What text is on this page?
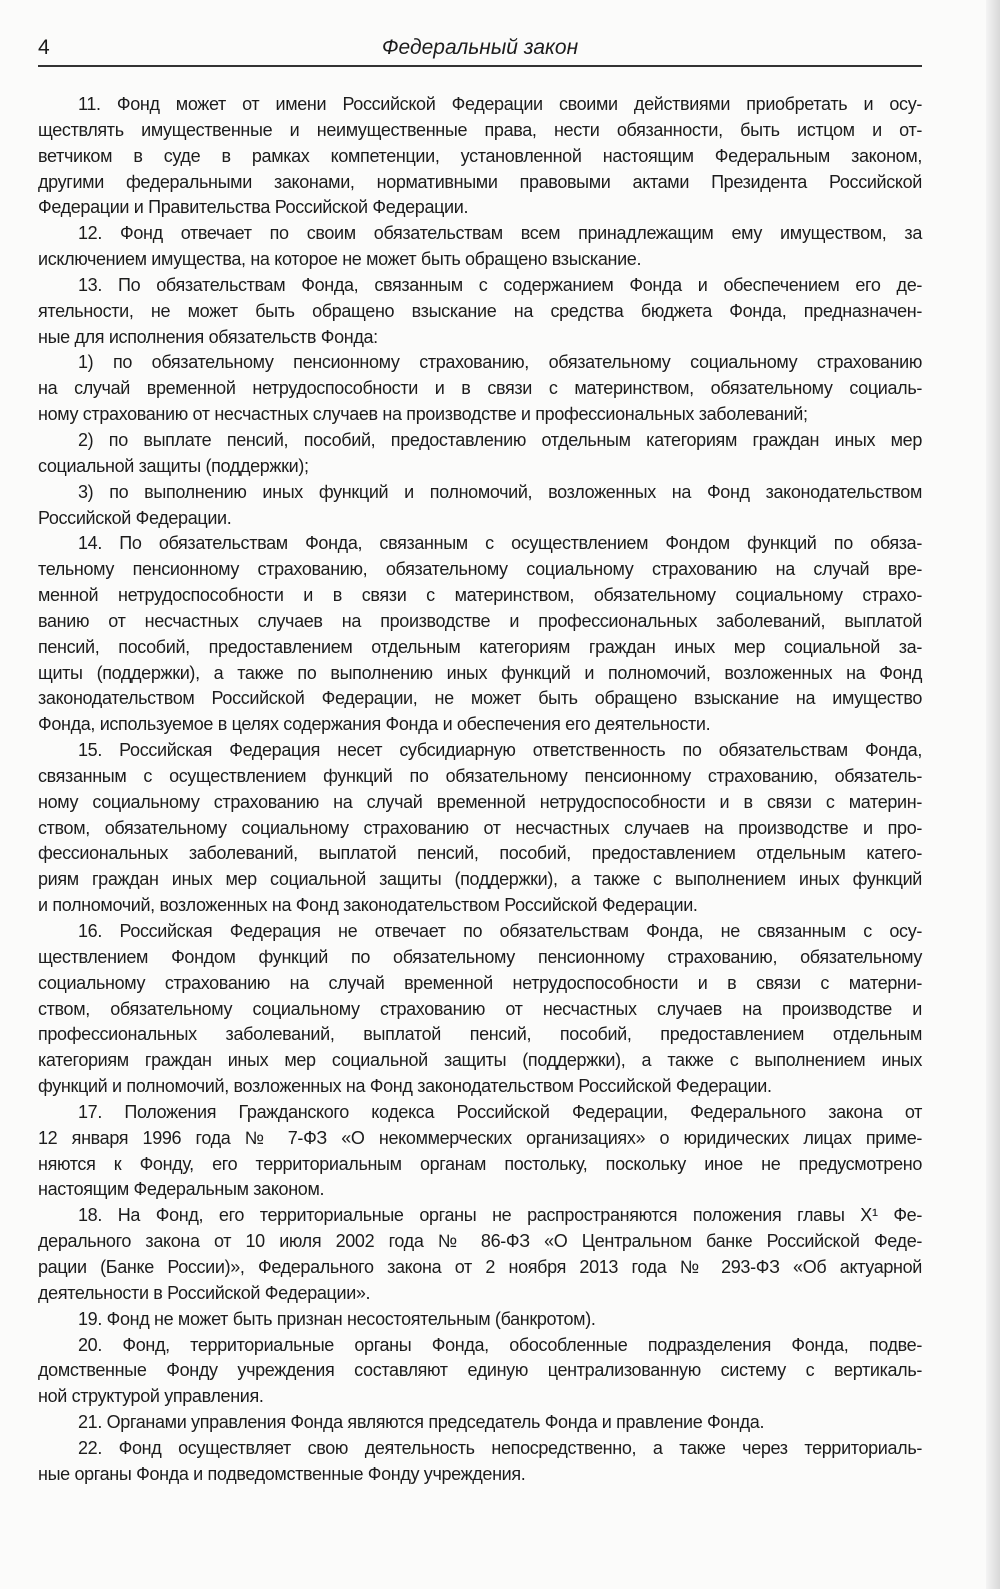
4	Федеральный закон
11. Фонд может от имени Российской Федерации своими действиями приобретать и осу-
ществлять имущественные и неимущественные права, нести обязанности, быть истцом и от-
ветчиком в суде в рамках компетенции, установленной настоящим Федеральным законом,
другими федеральными законами, нормативными правовыми актами Президента Российской
Федерации и Правительства Российской Федерации.
12. Фонд отвечает по своим обязательствам всем принадлежащим ему имуществом, за
исключением имущества, на которое не может быть обращено взыскание.
13. По обязательствам Фонда, связанным с содержанием Фонда и обеспечением его де-
ятельности, не может быть обращено взыскание на средства бюджета Фонда, предназначен-
ные для исполнения обязательств Фонда:
1) по обязательному пенсионному страхованию, обязательному социальному страхованию
на случай временной нетрудоспособности и в связи с материнством, обязательному социаль-
ному страхованию от несчастных случаев на производстве и профессиональных заболеваний;
2) по выплате пенсий, пособий, предоставлению отдельным категориям граждан иных мер
социальной защиты (поддержки);
3) по выполнению иных функций и полномочий, возложенных на Фонд законодательством
Российской Федерации.
14. По обязательствам Фонда, связанным с осуществлением Фондом функций по обяза-
тельному пенсионному страхованию, обязательному социальному страхованию на случай вре-
менной нетрудоспособности и в связи с материнством, обязательному социальному страхо-
ванию от несчастных случаев на производстве и профессиональных заболеваний, выплатой
пенсий, пособий, предоставлением отдельным категориям граждан иных мер социальной за-
щиты (поддержки), а также по выполнению иных функций и полномочий, возложенных на Фонд
законодательством Российской Федерации, не может быть обращено взыскание на имущество
Фонда, используемое в целях содержания Фонда и обеспечения его деятельности.
15. Российская Федерация несет субсидиарную ответственность по обязательствам Фонда,
связанным с осуществлением функций по обязательному пенсионному страхованию, обязатель-
ному социальному страхованию на случай временной нетрудоспособности и в связи с материн-
ством, обязательному социальному страхованию от несчастных случаев на производстве и про-
фессиональных заболеваний, выплатой пенсий, пособий, предоставлением отдельным катего-
риям граждан иных мер социальной защиты (поддержки), а также с выполнением иных функций
и полномочий, возложенных на Фонд законодательством Российской Федерации.
16. Российская Федерация не отвечает по обязательствам Фонда, не связанным с осу-
ществлением Фондом функций по обязательному пенсионному страхованию, обязательному
социальному страхованию на случай временной нетрудоспособности и в связи с матерни-
ством, обязательному социальному страхованию от несчастных случаев на производстве и
профессиональных заболеваний, выплатой пенсий, пособий, предоставлением отдельным
категориям граждан иных мер социальной защиты (поддержки), а также с выполнением иных
функций и полномочий, возложенных на Фонд законодательством Российской Федерации.
17. Положения Гражданского кодекса Российской Федерации, Федерального закона от
12 января 1996 года № 7-ФЗ «О некоммерческих организациях» о юридических лицах приме-
няются к Фонду, его территориальным органам постольку, поскольку иное не предусмотрено
настоящим Федеральным законом.
18. На Фонд, его территориальные органы не распространяются положения главы X¹ Фе-
дерального закона от 10 июля 2002 года № 86-ФЗ «О Центральном банке Российской Феде-
рации (Банке России)», Федерального закона от 2 ноября 2013 года № 293-ФЗ «Об актуарной
деятельности в Российской Федерации».
19. Фонд не может быть признан несостоятельным (банкротом).
20. Фонд, территориальные органы Фонда, обособленные подразделения Фонда, подве-
домственные Фонду учреждения составляют единую централизованную систему с вертикаль-
ной структурой управления.
21. Органами управления Фонда являются председатель Фонда и правление Фонда.
22. Фонд осуществляет свою деятельность непосредственно, а также через территориаль-
ные органы Фонда и подведомственные Фонду учреждения.
